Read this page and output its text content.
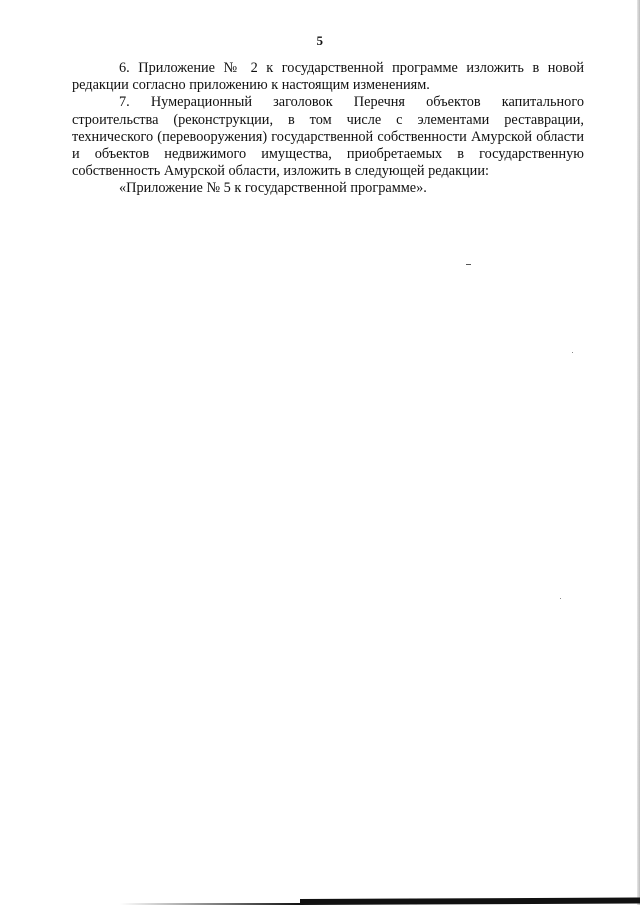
5

6. Приложение № 2 к государственной программе изложить в новой редакции согласно приложению к настоящим изменениям.

7. Нумерационный заголовок Перечня объектов капитального строительства (реконструкции, в том числе с элементами реставрации, технического (перевооружения) государственной собственности Амурской области и объектов недвижимого имущества, приобретаемых в государственную собственность Амурской области, изложить в следующей редакции:

«Приложение № 5 к государственной программе».
